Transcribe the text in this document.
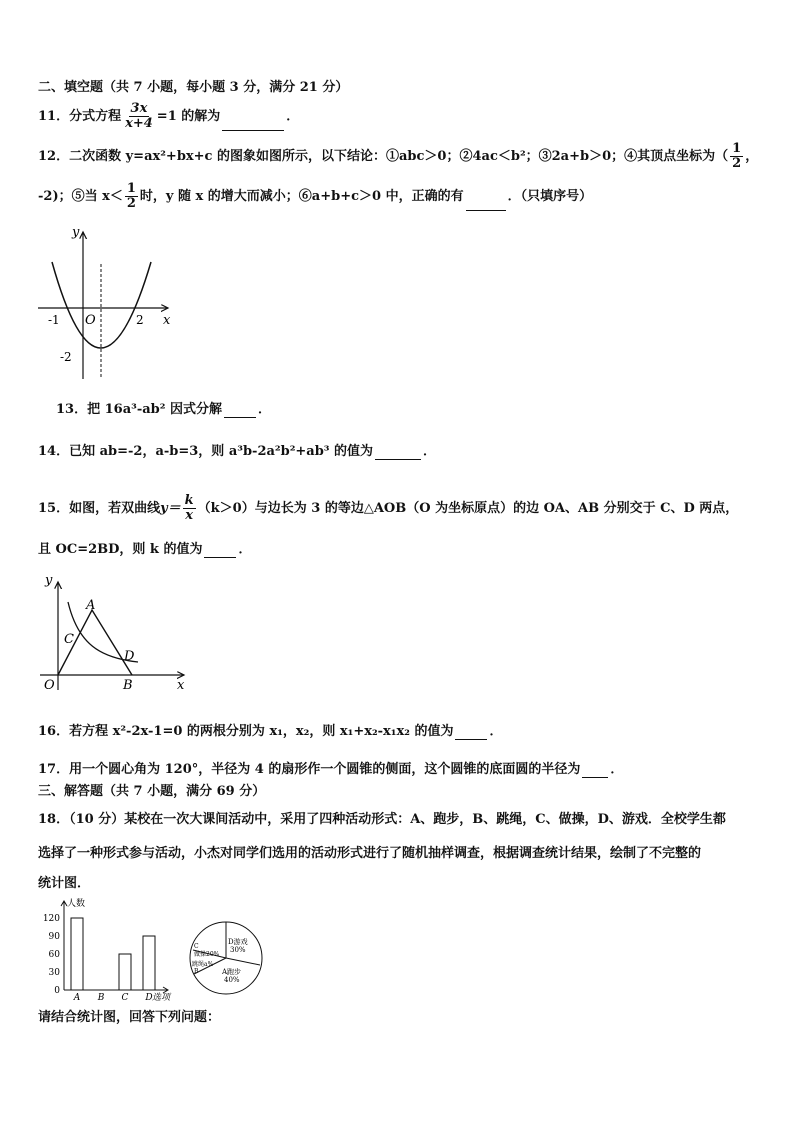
二、填空题（共 7 小题，每小题 3 分，满分 21 分）
11．分式方程 $\frac{3x}{x+4} =1$ 的解为	．
12．二次函数 y=ax²+bx+c 的图象如图所示，以下结论：①abc＞0；②4ac＜b²；③2a+b＞0；④其顶点坐标为（ $\frac{1}{2}$ ，
-2)；⑤当 $x< \frac{1}{2}$ 时，y 随 x 的增大而减小；⑥a+b+c＞0 中，正确的有	．（只填序号）
y
x
O
-1	2
-2
13．把 16a³-ab² 因式分解	．
14．已知 ab=-2，a-b=3，则 a³b-2a²b²+ab³ 的值为	．
15．如图，若双曲线$y= \frac{k}{x} (k>0)$与边长为 3 的等边△AOB（O 为坐标原点）的边 OA、AB 分别交于 C、D 两点，
且 OC=2BD，则 k 的值为	．
y
x
O
A
B
C
D
16．若方程 x²-2x-1=0 的两根分别为 x₁，x₂，则 x₁+x₂-x₁x₂ 的值为	．
17．用一个圆心角为 120°，半径为 4 的扇形作一个圆锥的侧面，这个圆锥的底面圆的半径为 ．
三、解答题（共 7 小题，满分 69 分）
18．（10 分）某校在一次大课间活动中，采用了四种活动形式：A、跑步，B、跳绳，C、做操，D、游戏．全校学生都
选择了一种形式参与活动，小杰对同学们选用的活动形式进行了随机抽样调查，根据调查统计结果，绘制了不完整的
统计图．
0
30
60
90
120
人数
选项
A B C D
D游戏
30%
A跑步
40%
C
做操20%
跳绳a%
B
请结合统计图，回答下列问题：
